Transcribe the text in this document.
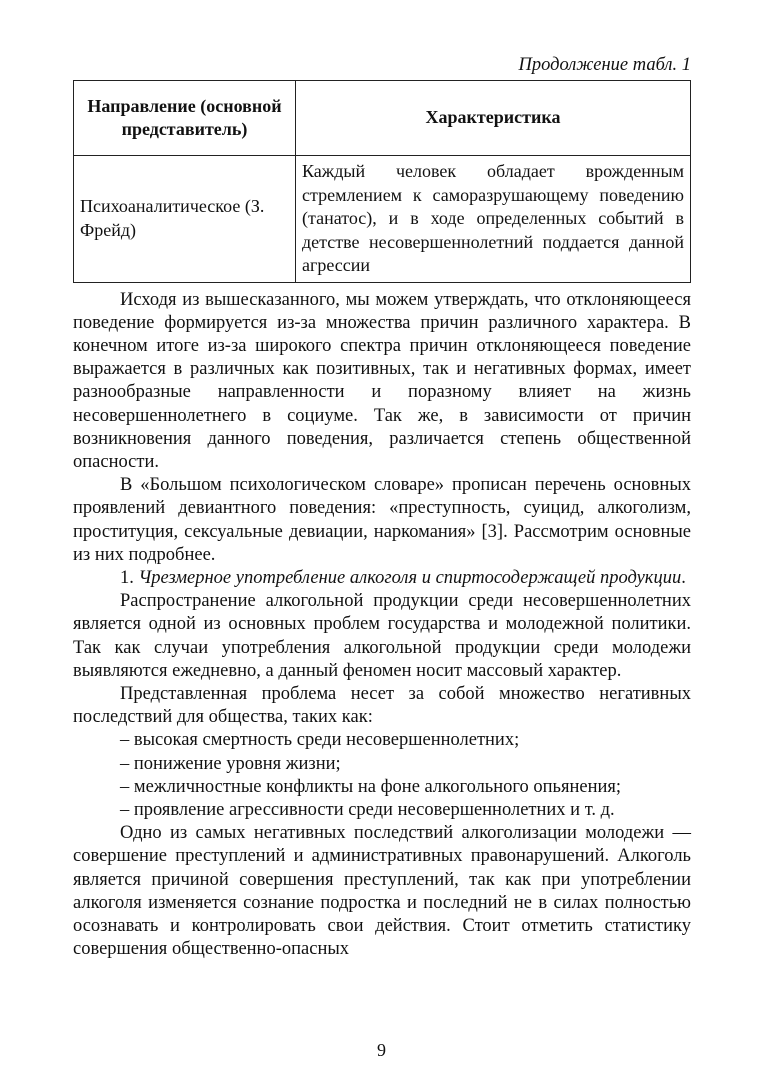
Продолжение табл. 1
Направление (основной представитель)	Характеристика
Психоаналитическое (З. Фрейд)	Каждый человек обладает врожденным стремлением к саморазрушающему поведению (танатос), и в ходе определенных событий в детстве несовершеннолетний поддается данной агрессии

Исходя из вышесказанного, мы можем утверждать, что отклоняющееся поведение формируется из-за множества причин различного характера. В конечном итоге из-за широкого спектра причин отклоняющееся поведение выражается в различных как позитивных, так и негативных формах, имеет разнообразные направленности и поразному влияет на жизнь несовершеннолетнего в социуме. Так же, в зависимости от причин возникновения данного поведения, различается степень общественной опасности.

В «Большом психологическом словаре» прописан перечень основных проявлений девиантного поведения: «преступность, суицид, алкоголизм, проституция, сексуальные девиации, наркомания» [3]. Рассмотрим основные из них подробнее.

1. Чрезмерное употребление алкоголя и спиртосодержащей продукции.

Распространение алкогольной продукции среди несовершеннолетних является одной из основных проблем государства и молодежной политики. Так как случаи употребления алкогольной продукции среди молодежи выявляются ежедневно, а данный феномен носит массовый характер.

Представленная проблема несет за собой множество негативных последствий для общества, таких как:

– высокая смертность среди несовершеннолетних;

– понижение уровня жизни;

– межличностные конфликты на фоне алкогольного опьянения;

– проявление агрессивности среди несовершеннолетних и т. д.

Одно из самых негативных последствий алкоголизации молодежи — совершение преступлений и административных правонарушений. Алкоголь является причиной совершения преступлений, так как при употреблении алкоголя изменяется сознание подростка и последний не в силах полностью осознавать и контролировать свои действия. Стоит отметить статистику совершения общественно-опасных

9
